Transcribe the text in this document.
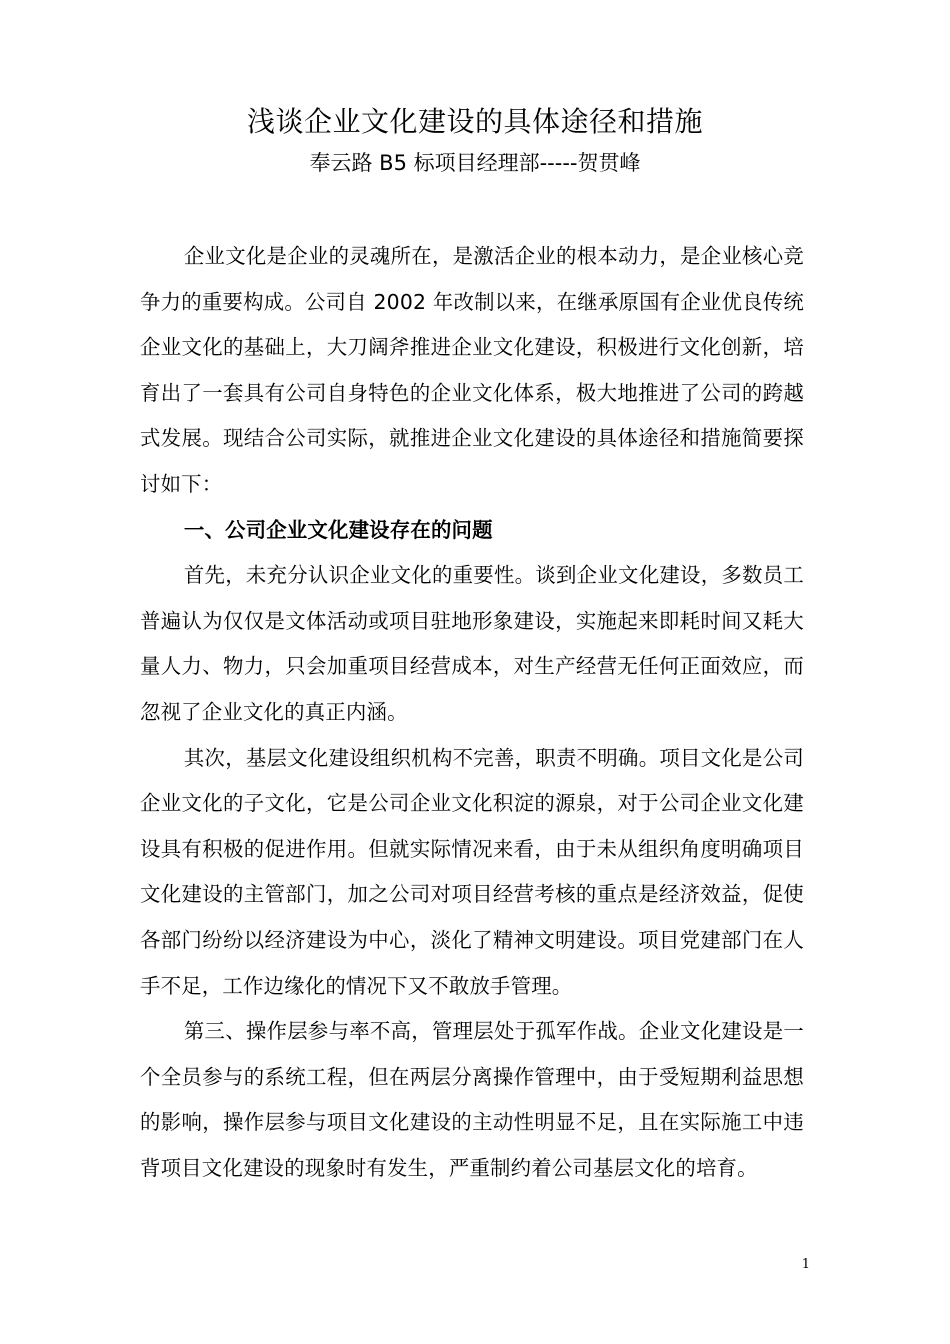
浅谈企业文化建设的具体途径和措施
奉云路 B5 标项目经理部-----贺贯峰

企业文化是企业的灵魂所在，是激活企业的根本动力，是企业核心竞争力的重要构成。公司自 2002 年改制以来，在继承原国有企业优良传统企业文化的基础上，大刀阔斧推进企业文化建设，积极进行文化创新，培育出了一套具有公司自身特色的企业文化体系，极大地推进了公司的跨越式发展。现结合公司实际，就推进企业文化建设的具体途径和措施简要探讨如下：

一、公司企业文化建设存在的问题

首先，未充分认识企业文化的重要性。谈到企业文化建设，多数员工普遍认为仅仅是文体活动或项目驻地形象建设，实施起来即耗时间又耗大量人力、物力，只会加重项目经营成本，对生产经营无任何正面效应，而忽视了企业文化的真正内涵。

其次，基层文化建设组织机构不完善，职责不明确。项目文化是公司企业文化的子文化，它是公司企业文化积淀的源泉，对于公司企业文化建设具有积极的促进作用。但就实际情况来看，由于未从组织角度明确项目文化建设的主管部门，加之公司对项目经营考核的重点是经济效益，促使各部门纷纷以经济建设为中心，淡化了精神文明建设。项目党建部门在人手不足，工作边缘化的情况下又不敢放手管理。

第三、操作层参与率不高，管理层处于孤军作战。企业文化建设是一个全员参与的系统工程，但在两层分离操作管理中，由于受短期利益思想的影响，操作层参与项目文化建设的主动性明显不足，且在实际施工中违背项目文化建设的现象时有发生，严重制约着公司基层文化的培育。

1
